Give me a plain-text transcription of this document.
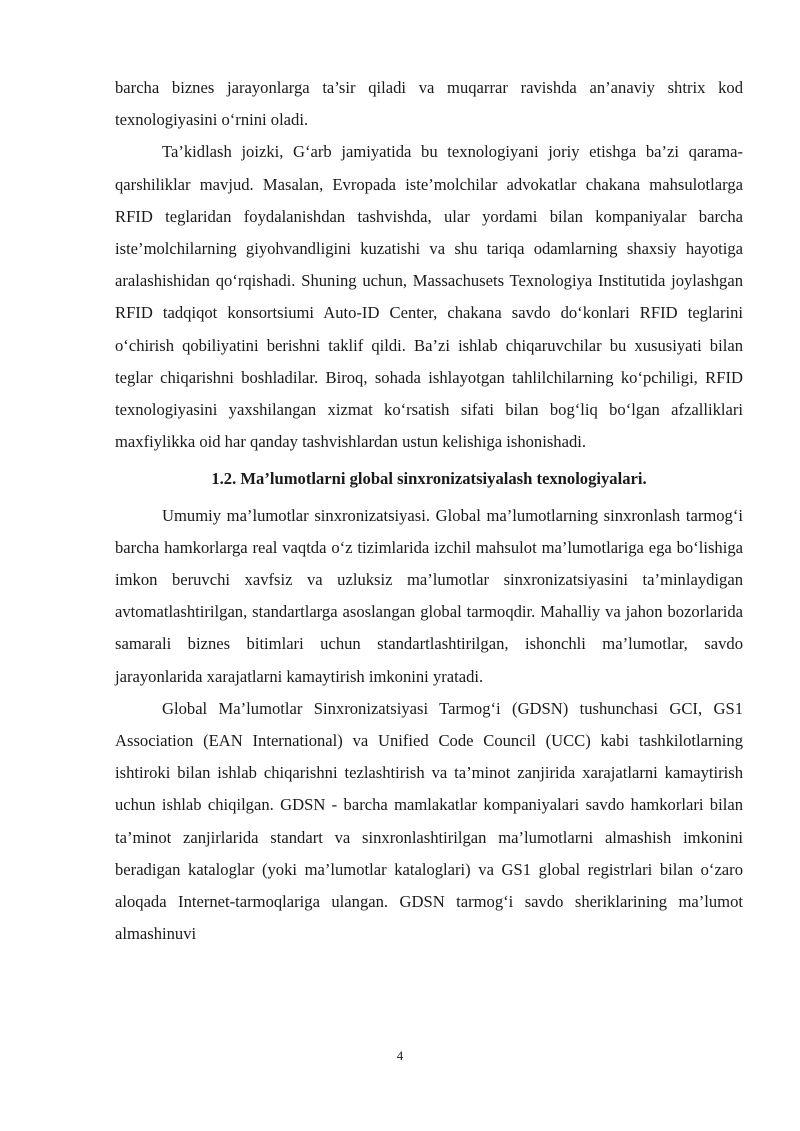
barcha biznes jarayonlarga ta’sir qiladi va muqarrar ravishda an’anaviy shtrix kod texnologiyasini o‘rnini oladi.

Ta’kidlash joizki, G‘arb jamiyatida bu texnologiyani joriy etishga ba’zi qarama-qarshiliklar mavjud. Masalan, Evropada iste’molchilar advokatlar chakana mahsulotlarga RFID teglaridan foydalanishdan tashvishda, ular yordami bilan kompaniyalar barcha iste’molchilarning giyohvandligini kuzatishi va shu tariqa odamlarning shaxsiy hayotiga aralashishidan qo‘rqishadi. Shuning uchun, Massachusets Texnologiya Institutida joylashgan RFID tadqiqot konsortsiumi Auto-ID Center, chakana savdo do‘konlari RFID teglarini o‘chirish qobiliyatini berishni taklif qildi. Ba’zi ishlab chiqaruvchilar bu xususiyati bilan teglar chiqarishni boshladilar. Biroq, sohada ishlayotgan tahlilchilarning ko‘pchiligi, RFID texnologiyasini yaxshilangan xizmat ko‘rsatish sifati bilan bog‘liq bo‘lgan afzalliklari maxfiylikka oid har qanday tashvishlardan ustun kelishiga ishonishadi.

1.2. Ma’lumotlarni global sinxronizatsiyalash texnologiyalari.

Umumiy ma’lumotlar sinxronizatsiyasi. Global ma’lumotlarning sinxronlash tarmog‘i barcha hamkorlarga real vaqtda o‘z tizimlarida izchil mahsulot ma’lumotlariga ega bo‘lishiga imkon beruvchi xavfsiz va uzluksiz ma’lumotlar sinxronizatsiyasini ta’minlaydigan avtomatlashtirilgan, standartlarga asoslangan global tarmoqdir. Mahalliy va jahon bozorlarida samarali biznes bitimlari uchun standartlashtirilgan, ishonchli ma’lumotlar, savdo jarayonlarida xarajatlarni kamaytirish imkonini yratadi.

Global Ma’lumotlar Sinxronizatsiyasi Tarmog‘i (GDSN) tushunchasi GCI, GS1 Association (EAN International) va Unified Code Council (UCC) kabi tashkilotlarning ishtiroki bilan ishlab chiqarishni tezlashtirish va ta’minot zanjirida xarajatlarni kamaytirish uchun ishlab chiqilgan. GDSN - barcha mamlakatlar kompaniyalari savdo hamkorlari bilan ta’minot zanjirlarida standart va sinxronlashtirilgan ma’lumotlarni almashish imkonini beradigan kataloglar (yoki ma’lumotlar kataloglari) va GS1 global registrlari bilan o‘zaro aloqada Internet-tarmoqlariga ulangan. GDSN tarmog‘i savdo sheriklarining ma’lumot almashinuvi

4
